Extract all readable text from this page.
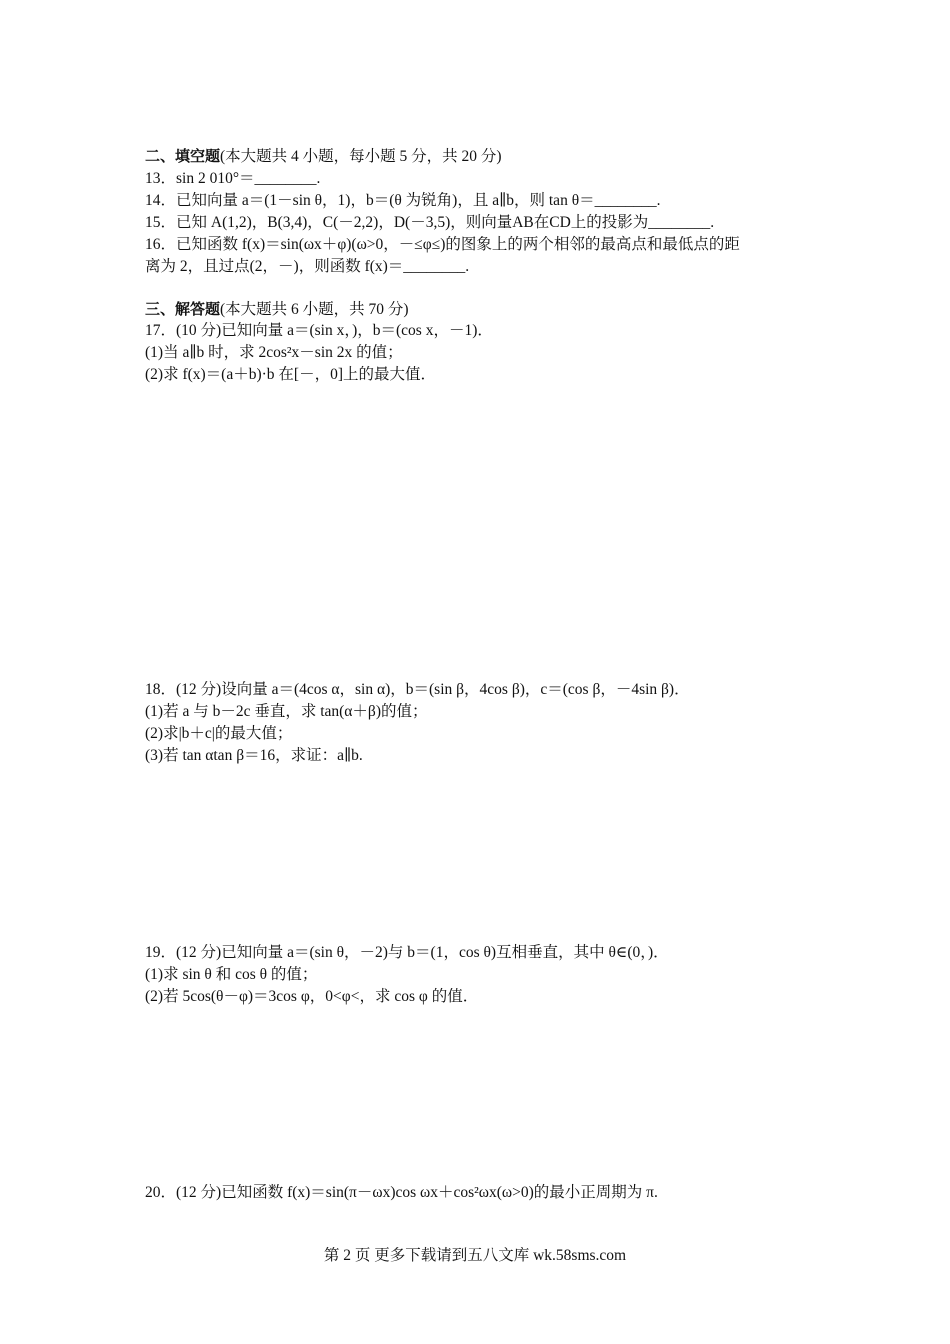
二、填空题(本大题共 4 小题，每小题 5 分，共 20 分)
13．sin 2 010°＝________.
14．已知向量 a＝(1－sin θ，1)，b＝(θ 为锐角)，且 a∥b，则 tan θ＝________.
15．已知 A(1,2)，B(3,4)，C(－2,2)，D(－3,5)，则向量AB在CD上的投影为________.
16．已知函数 f(x)＝sin(ωx＋φ)(ω>0，－≤φ≤)的图象上的两个相邻的最高点和最低点的距
离为 2，且过点(2，－)，则函数 f(x)＝________.
三、解答题(本大题共 6 小题，共 70 分)
17．(10 分)已知向量 a＝(sin x，)，b＝(cos x，－1)．
(1)当 a∥b 时，求 2cos²x－sin 2x 的值；
(2)求 f(x)＝(a＋b)·b 在[－，0]上的最大值．
18．(12 分)设向量 a＝(4cos α，sin α)，b＝(sin β，4cos β)，c＝(cos β，－4sin β)．
(1)若 a 与 b－2c 垂直，求 tan(α＋β)的值；
(2)求|b＋c|的最大值；
(3)若 tan αtan β＝16，求证：a∥b.
19．(12 分)已知向量 a＝(sin θ，－2)与 b＝(1，cos θ)互相垂直，其中 θ∈(0，)．
(1)求 sin θ 和 cos θ 的值；
(2)若 5cos(θ－φ)＝3cos φ，0<φ<，求 cos φ 的值．
20．(12 分)已知函数 f(x)＝sin(π－ωx)cos ωx＋cos²ωx(ω>0)的最小正周期为 π.
第 2 页 更多下载请到五八文库 wk.58sms.com
